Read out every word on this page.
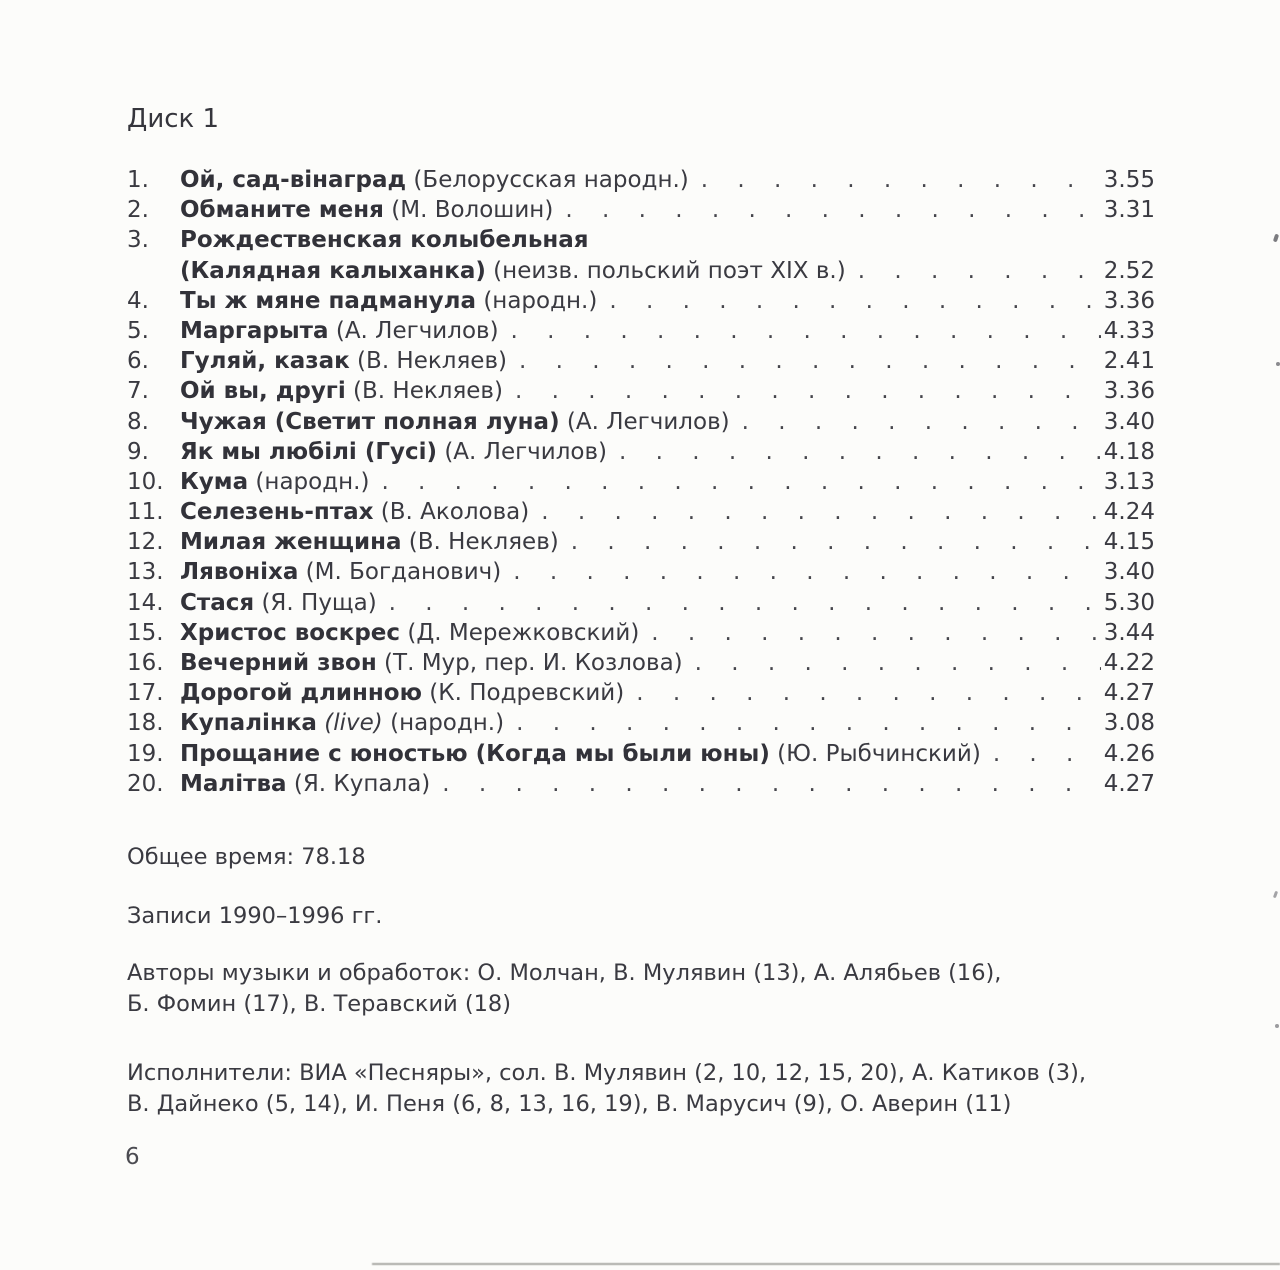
Диск 1
1.	Ой, сад-вінаград (Белорусская народн.) . . .	3.55
2.	Обманите меня (М. Волошин) . . .	3.31
3.	Рождественская колыбельная
(Калядная калыханка) (неизв. польский поэт XIX в.) . . .	2.52
4.	Ты ж мяне падманула (народн.) . . .	3.36
5.	Маргарыта (А. Легчилов) . . .	4.33
6.	Гуляй, казак (В. Некляев) . . .	2.41
7.	Ой вы, другі (В. Некляев) . . .	3.36
8.	Чужая (Светит полная луна) (А. Легчилов) . . .	3.40
9.	Як мы любілі (Гусі) (А. Легчилов) . . .	4.18
10. Кума (народн.) . . .	3.13
11. Селезень-птах (В. Аколова) . . .	4.24
12. Милая женщина (В. Некляев) . . .	4.15
13. Лявоніха (М. Богданович) . . .	3.40
14. Стася (Я. Пуща) . . .	5.30
15. Христос воскрес (Д. Мережковский) . . .	3.44
16. Вечерний звон (Т. Мур, пер. И. Козлова) . . .	4.22
17. Дорогой длинною (К. Подревский) . . .	4.27
18. Купалінка (live) (народн.) . . .	3.08
19. Прощание с юностью (Когда мы были юны) (Ю. Рыбчинский) . . .	4.26
20. Малітва (Я. Купала) . . .	4.27
Общее время: 78.18
Записи 1990–1996 гг.
Авторы музыки и обработок: О. Молчан, В. Мулявин (13), А. Алябьев (16),
Б. Фомин (17), В. Теравский (18)
Исполнители: ВИА «Песняры», сол. В. Мулявин (2, 10, 12, 15, 20), А. Катиков (3),
В. Дайнеко (5, 14), И. Пеня (6, 8, 13, 16, 19), В. Марусич (9), О. Аверин (11)
6
